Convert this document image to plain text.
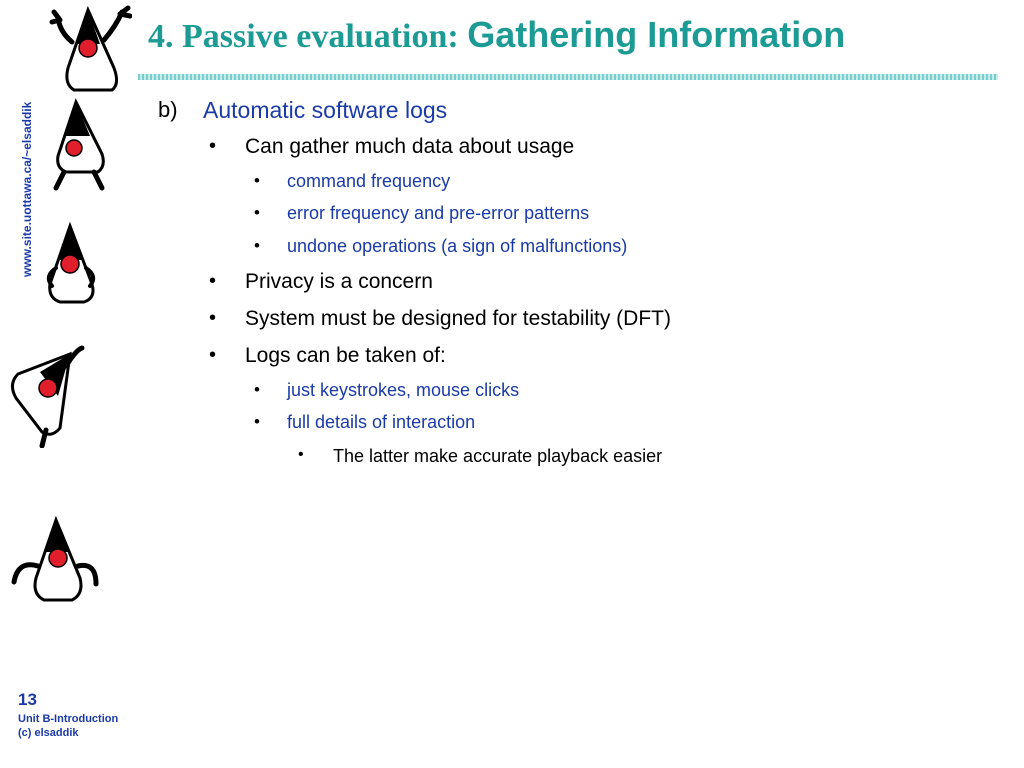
www.site.uottawa.ca/~elsaddik
4. Passive evaluation: Gathering Information
b) Automatic software logs
• Can gather much data about usage
• command frequency
• error frequency and pre-error patterns
• undone operations (a sign of malfunctions)
• Privacy is a concern
• System must be designed for testability (DFT)
• Logs can be taken of:
• just keystrokes, mouse clicks
• full details of interaction
• The latter make accurate playback easier
13
Unit B-Introduction
(c) elsaddik
